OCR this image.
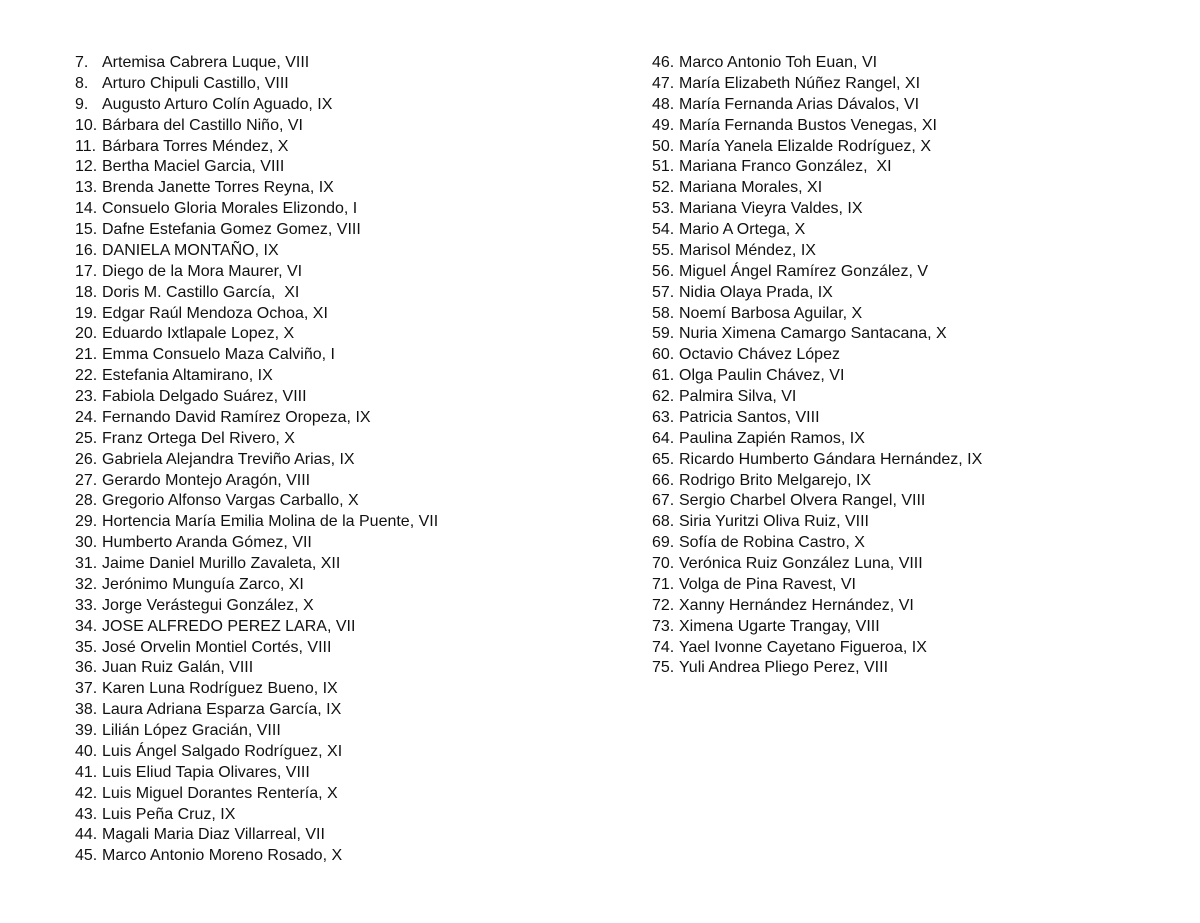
7. Artemisa Cabrera Luque, VIII
8. Arturo Chipuli Castillo, VIII
9. Augusto Arturo Colín Aguado, IX
10. Bárbara del Castillo Niño, VI
11. Bárbara Torres Méndez, X
12. Bertha Maciel Garcia, VIII
13. Brenda Janette Torres Reyna, IX
14. Consuelo Gloria Morales Elizondo, I
15. Dafne Estefania Gomez Gomez, VIII
16. DANIELA MONTAÑO, IX
17. Diego de la Mora Maurer, VI
18. Doris M. Castillo García,  XI
19. Edgar Raúl Mendoza Ochoa, XI
20. Eduardo Ixtlapale Lopez, X
21. Emma Consuelo Maza Calviño, I
22. Estefania Altamirano, IX
23. Fabiola Delgado Suárez, VIII
24. Fernando David Ramírez Oropeza, IX
25. Franz Ortega Del Rivero, X
26. Gabriela Alejandra Treviño Arias, IX
27. Gerardo Montejo Aragón, VIII
28. Gregorio Alfonso Vargas Carballo, X
29. Hortencia María Emilia Molina de la Puente, VII
30. Humberto Aranda Gómez, VII
31. Jaime Daniel Murillo Zavaleta, XII
32. Jerónimo Munguía Zarco, XI
33. Jorge Verástegui González, X
34. JOSE ALFREDO PEREZ LARA, VII
35. José Orvelin Montiel Cortés, VIII
36. Juan Ruiz Galán, VIII
37. Karen Luna Rodríguez Bueno, IX
38. Laura Adriana Esparza García, IX
39. Lilián López Gracián, VIII
40. Luis Ángel Salgado Rodríguez, XI
41. Luis Eliud Tapia Olivares, VIII
42. Luis Miguel Dorantes Rentería, X
43. Luis Peña Cruz, IX
44. Magali Maria Diaz Villarreal, VII
45. Marco Antonio Moreno Rosado, X
46. Marco Antonio Toh Euan, VI
47. María Elizabeth Núñez Rangel, XI
48. María Fernanda Arias Dávalos, VI
49. María Fernanda Bustos Venegas, XI
50. María Yanela Elizalde Rodríguez, X
51. Mariana Franco González,  XI
52. Mariana Morales, XI
53. Mariana Vieyra Valdes, IX
54. Mario A Ortega, X
55. Marisol Méndez, IX
56. Miguel Ángel Ramírez González, V
57. Nidia Olaya Prada, IX
58. Noemí Barbosa Aguilar, X
59. Nuria Ximena Camargo Santacana, X
60. Octavio Chávez López
61. Olga Paulin Chávez, VI
62. Palmira Silva, VI
63. Patricia Santos, VIII
64. Paulina Zapién Ramos, IX
65. Ricardo Humberto Gándara Hernández, IX
66. Rodrigo Brito Melgarejo, IX
67. Sergio Charbel Olvera Rangel, VIII
68. Siria Yuritzi Oliva Ruiz, VIII
69. Sofía de Robina Castro, X
70. Verónica Ruiz González Luna, VIII
71. Volga de Pina Ravest, VI
72. Xanny Hernández Hernández, VI
73. Ximena Ugarte Trangay, VIII
74. Yael Ivonne Cayetano Figueroa, IX
75. Yuli Andrea Pliego Perez, VIII
